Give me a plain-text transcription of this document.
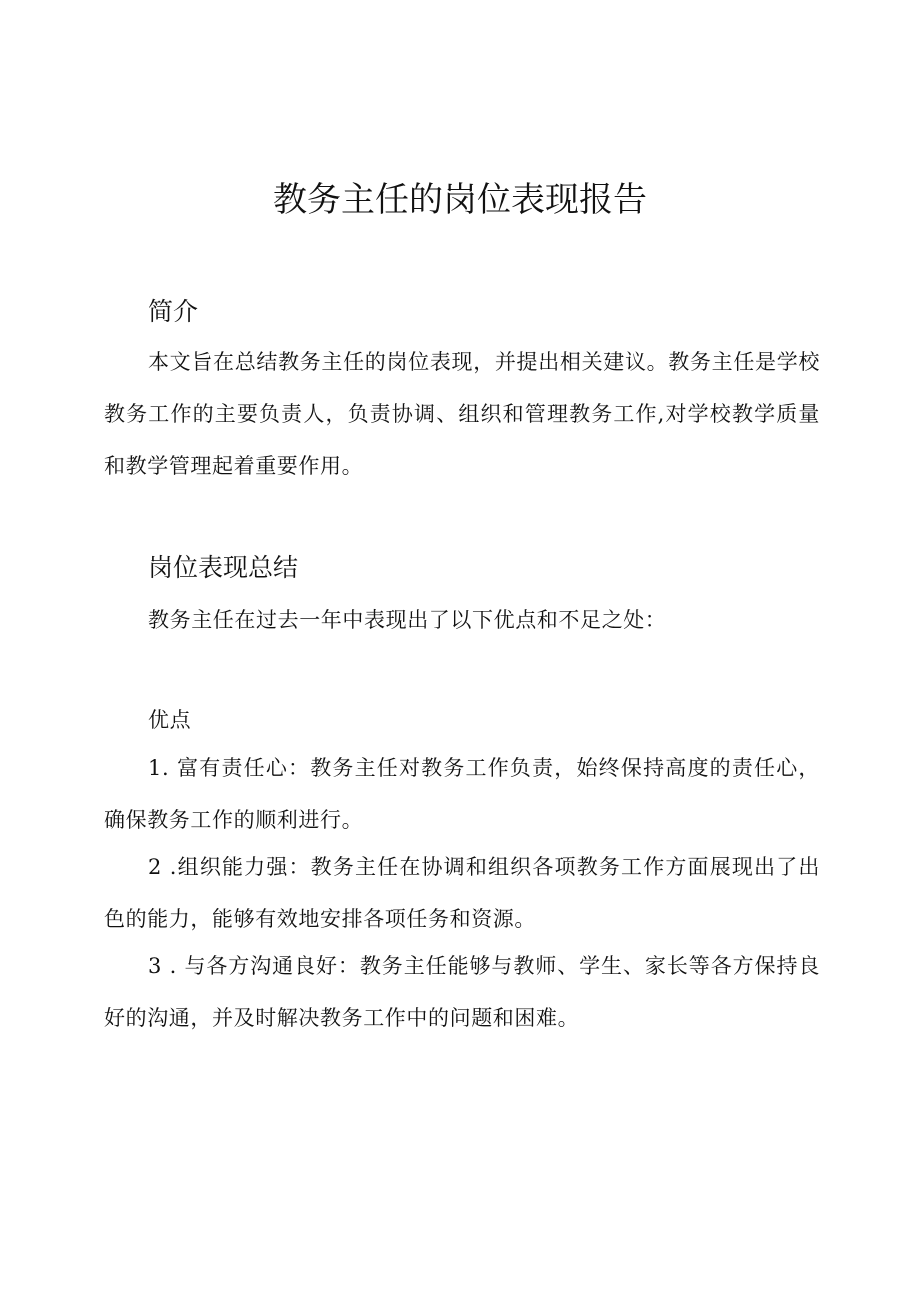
教务主任的岗位表现报告
简介

本文旨在总结教务主任的岗位表现，并提出相关建议。教务主任是学校教务工作的主要负责人，负责协调、组织和管理教务工作,对学校教学质量和教学管理起着重要作用。

岗位表现总结

教务主任在过去一年中表现出了以下优点和不足之处：

优点

1. 富有责任心：教务主任对教务工作负责，始终保持高度的责任心，确保教务工作的顺利进行。

2 .组织能力强：教务主任在协调和组织各项教务工作方面展现出了出色的能力，能够有效地安排各项任务和资源。

3 . 与各方沟通良好：教务主任能够与教师、学生、家长等各方保持良好的沟通，并及时解决教务工作中的问题和困难。
